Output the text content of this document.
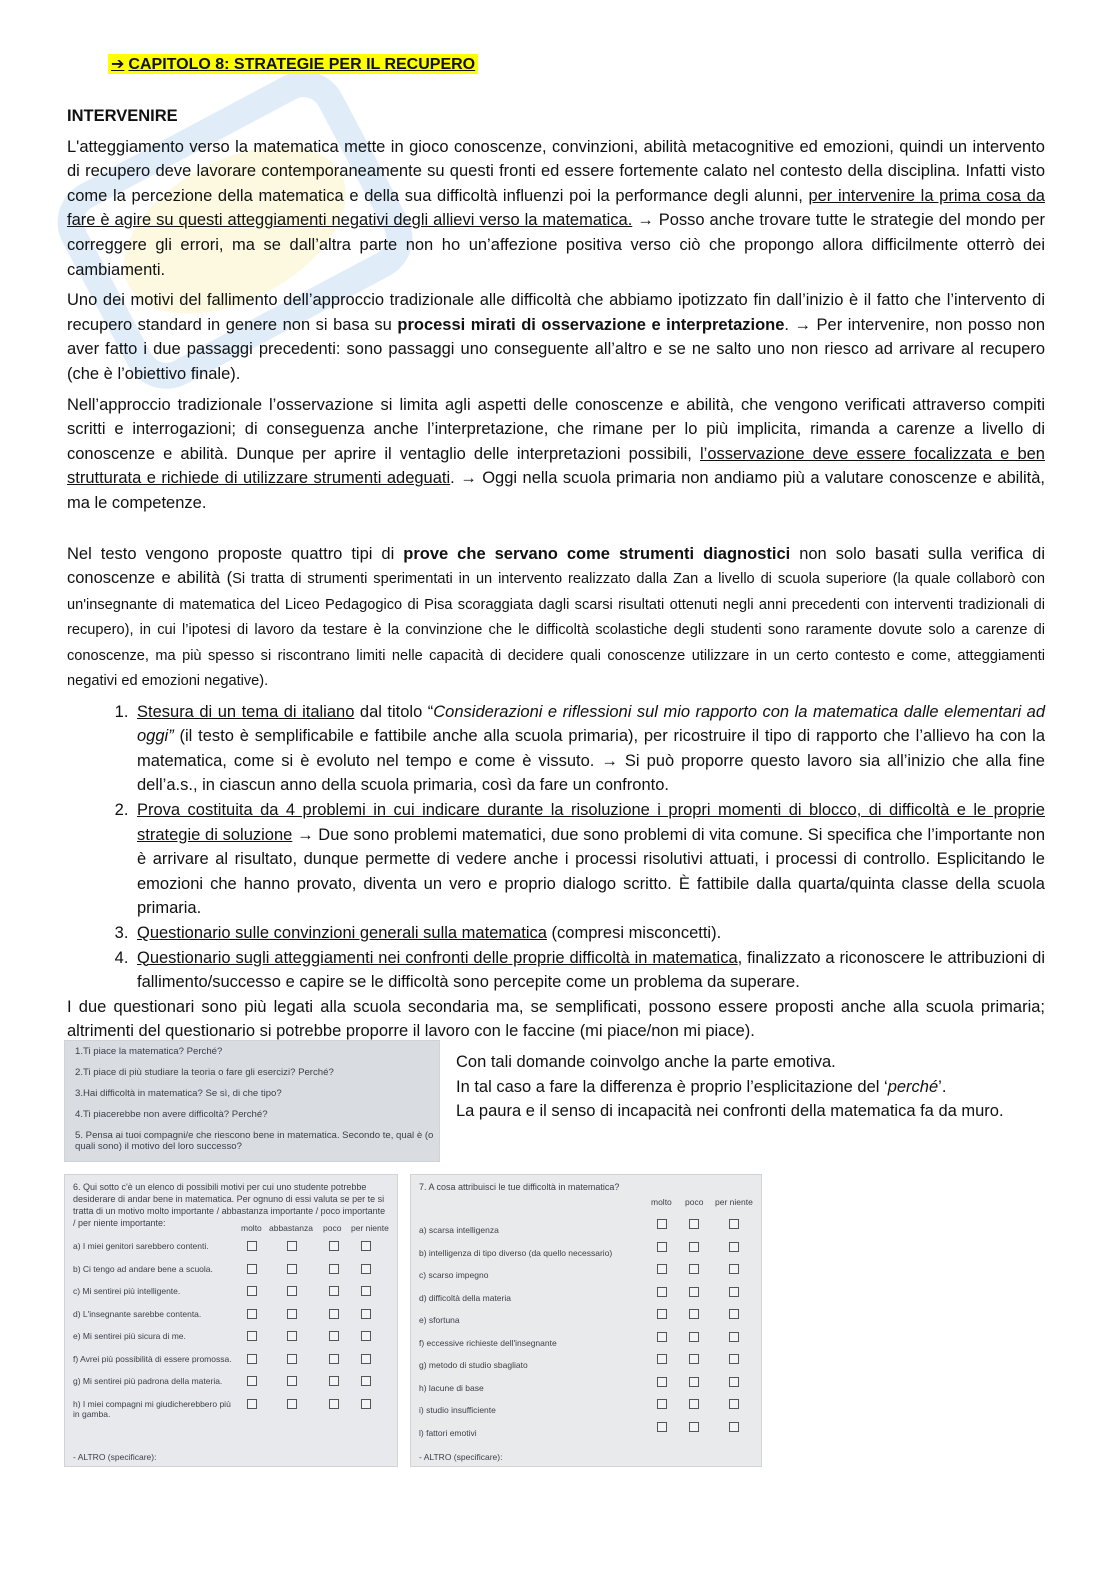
➔ CAPITOLO 8: STRATEGIE PER IL RECUPERO

INTERVENIRE

L'atteggiamento verso la matematica mette in gioco conoscenze, convinzioni, abilità metacognitive ed emozioni, quindi un intervento di recupero deve lavorare contemporaneamente su questi fronti ed essere fortemente calato nel contesto della disciplina. Infatti visto come la percezione della matematica e della sua difficoltà influenzi poi la performance degli alunni, per intervenire la prima cosa da fare è agire su questi atteggiamenti negativi degli allievi verso la matematica. → Posso anche trovare tutte le strategie del mondo per correggere gli errori, ma se dall’altra parte non ho un’affezione positiva verso ciò che propongo allora difficilmente otterrò dei cambiamenti.

Uno dei motivi del fallimento dell’approccio tradizionale alle difficoltà che abbiamo ipotizzato fin dall’inizio è il fatto che l’intervento di recupero standard in genere non si basa su processi mirati di osservazione e interpretazione. → Per intervenire, non posso non aver fatto i due passaggi precedenti: sono passaggi uno conseguente all’altro e se ne salto uno non riesco ad arrivare al recupero (che è l’obiettivo finale).

Nell’approccio tradizionale l’osservazione si limita agli aspetti delle conoscenze e abilità, che vengono verificati attraverso compiti scritti e interrogazioni; di conseguenza anche l’interpretazione, che rimane per lo più implicita, rimanda a carenze a livello di conoscenze e abilità. Dunque per aprire il ventaglio delle interpretazioni possibili, l’osservazione deve essere focalizzata e ben strutturata e richiede di utilizzare strumenti adeguati. → Oggi nella scuola primaria non andiamo più a valutare conoscenze e abilità, ma le competenze.

Nel testo vengono proposte quattro tipi di prove che servano come strumenti diagnostici non solo basati sulla verifica di conoscenze e abilità (Si tratta di strumenti sperimentati in un intervento realizzato dalla Zan a livello di scuola superiore (la quale collaborò con un'insegnante di matematica del Liceo Pedagogico di Pisa scoraggiata dagli scarsi risultati ottenuti negli anni precedenti con interventi tradizionali di recupero), in cui l’ipotesi di lavoro da testare è la convinzione che le difficoltà scolastiche degli studenti sono raramente dovute solo a carenze di conoscenze, ma più spesso si riscontrano limiti nelle capacità di decidere quali conoscenze utilizzare in un certo contesto e come, atteggiamenti negativi ed emozioni negative).

1. Stesura di un tema di italiano dal titolo “Considerazioni e riflessioni sul mio rapporto con la matematica dalle elementari ad oggi” (il testo è semplificabile e fattibile anche alla scuola primaria), per ricostruire il tipo di rapporto che l’allievo ha con la matematica, come si è evoluto nel tempo e come è vissuto. → Si può proporre questo lavoro sia all’inizio che alla fine dell’a.s., in ciascun anno della scuola primaria, così da fare un confronto.
2. Prova costituita da 4 problemi in cui indicare durante la risoluzione i propri momenti di blocco, di difficoltà e le proprie strategie di soluzione → Due sono problemi matematici, due sono problemi di vita comune. Si specifica che l’importante non è arrivare al risultato, dunque permette di vedere anche i processi risolutivi attuati, i processi di controllo. Esplicitando le emozioni che hanno provato, diventa un vero e proprio dialogo scritto. È fattibile dalla quarta/quinta classe della scuola primaria.
3. Questionario sulle convinzioni generali sulla matematica (compresi misconcetti).
4. Questionario sugli atteggiamenti nei confronti delle proprie difficoltà in matematica, finalizzato a riconoscere le attribuzioni di fallimento/successo e capire se le difficoltà sono percepite come un problema da superare.

I due questionari sono più legati alla scuola secondaria ma, se semplificati, possono essere proposti anche alla scuola primaria; altrimenti del questionario si potrebbe proporre il lavoro con le faccine (mi piace/non mi piace).

1.Ti piace la matematica? Perché?
2.Ti piace di più studiare la teoria o fare gli esercizi? Perché?
3.Hai difficoltà in matematica? Se sì, di che tipo?
4.Ti piacerebbe non avere difficoltà? Perché?
5. Pensa ai tuoi compagni/e che riescono bene in matematica. Secondo te, qual è (o quali sono) il motivo del loro successo?
Con tali domande coinvolgo anche la parte emotiva.
In tal caso a fare la differenza è proprio l’esplicitazione del ‘perché’.
La paura e il senso di incapacità nei confronti della matematica fa da muro.
6. Qui sotto c'è un elenco di possibili motivi per cui uno studente potrebbe desiderare di andar bene in matematica. Per ognuno di essi valuta se per te si tratta di un motivo molto importante / abbastanza importante / poco importante / per niente importante:	molto abbastanza poco per niente
a) I miei genitori sarebbero contenti.
b) Ci tengo ad andare bene a scuola.
c) Mi sentirei più intelligente.
d) L'insegnante sarebbe contenta.
e) Mi sentirei più sicura di me.
f) Avrei più possibilità di essere promossa.
g) Mi sentirei più padrona della materia.
h) I miei compagni mi giudicherebbero più in gamba.
- ALTRO (specificare):
7. A cosa attribuisci le tue difficoltà in matematica?
molto poco per niente
a) scarsa intelligenza
b) intelligenza di tipo diverso (da quello necessario)
c) scarso impegno
d) difficoltà della materia
e) sfortuna
f) eccessive richieste dell'insegnante
g) metodo di studio sbagliato
h) lacune di base
i) studio insufficiente
l) fattori emotivi
- ALTRO (specificare):
